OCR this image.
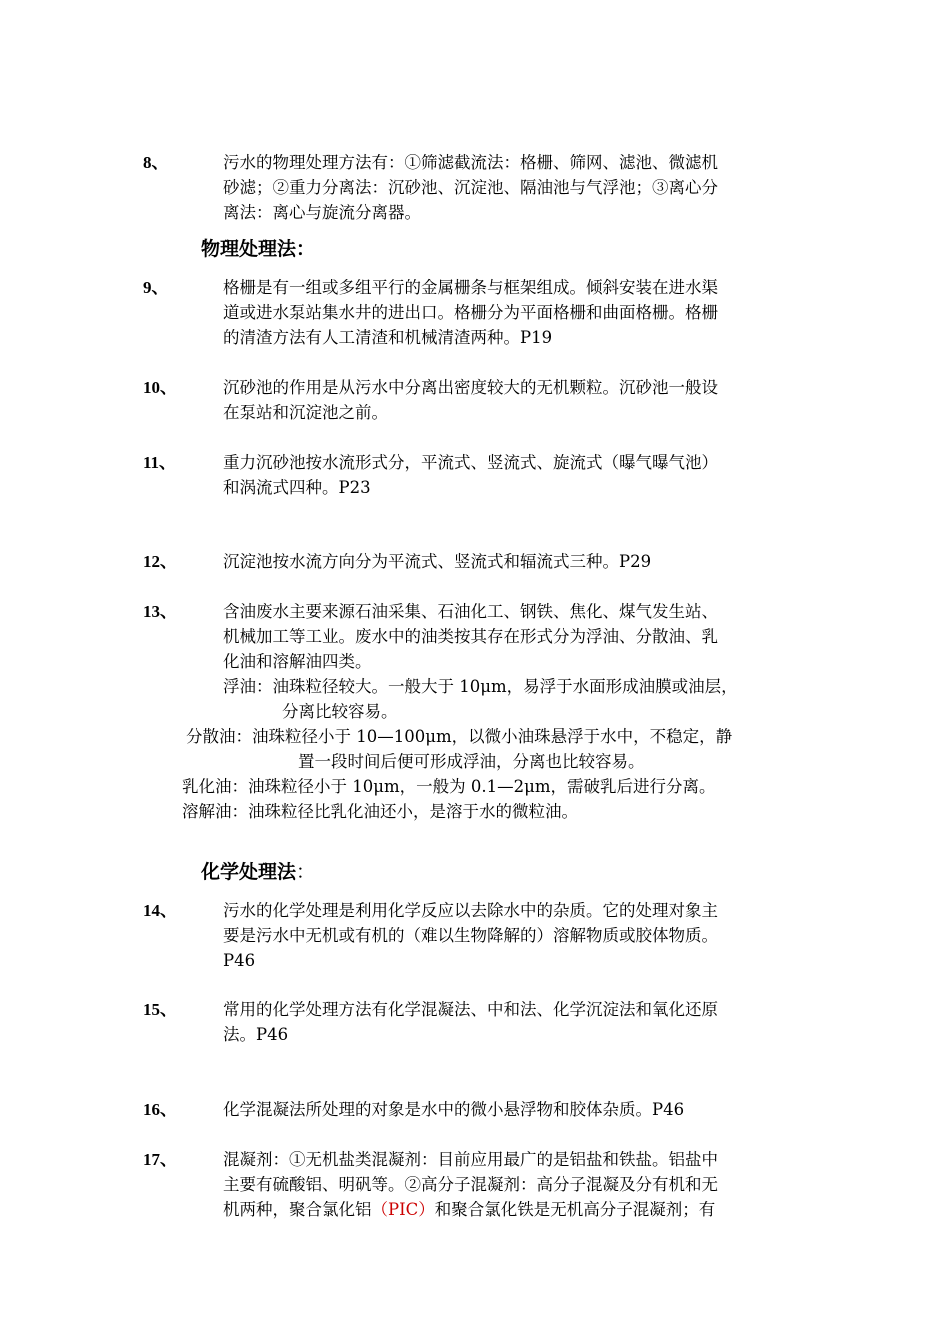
8、	污水的物理处理方法有：①筛滤截流法：格栅、筛网、滤池、微滤机
砂滤；②重力分离法：沉砂池、沉淀池、隔油池与气浮池；③离心分
离法：离心与旋流分离器。
物理处理法：
9、	格栅是有一组或多组平行的金属栅条与框架组成。倾斜安装在进水渠
道或进水泵站集水井的进出口。格栅分为平面格栅和曲面格栅。格栅
的清渣方法有人工清渣和机械清渣两种。P19
10、	沉砂池的作用是从污水中分离出密度较大的无机颗粒。沉砂池一般设
在泵站和沉淀池之前。
11、	重力沉砂池按水流形式分，平流式、竖流式、旋流式（曝气曝气池）
和涡流式四种。P23
12、	沉淀池按水流方向分为平流式、竖流式和辐流式三种。P29
13、	含油废水主要来源石油采集、石油化工、钢铁、焦化、煤气发生站、
机械加工等工业。废水中的油类按其存在形式分为浮油、分散油、乳
化油和溶解油四类。
浮油：油珠粒径较大。一般大于 10μm，易浮于水面形成油膜或油层，
分离比较容易。
分散油：油珠粒径小于 10—100μm，以微小油珠悬浮于水中，不稳定，静
置一段时间后便可形成浮油，分离也比较容易。
乳化油：油珠粒径小于 10μm，一般为 0.1—2μm，需破乳后进行分离。
溶解油：油珠粒径比乳化油还小，是溶于水的微粒油。
化学处理法：
14、	污水的化学处理是利用化学反应以去除水中的杂质。它的处理对象主
要是污水中无机或有机的（难以生物降解的）溶解物质或胶体物质。
P46
15、	常用的化学处理方法有化学混凝法、中和法、化学沉淀法和氧化还原
法。P46
16、	化学混凝法所处理的对象是水中的微小悬浮物和胶体杂质。P46
17、	混凝剂：①无机盐类混凝剂：目前应用最广的是铝盐和铁盐。铝盐中
主要有硫酸铝、明矾等。②高分子混凝剂：高分子混凝及分有机和无
机两种，聚合氯化铝（PIC）和聚合氯化铁是无机高分子混凝剂；有
